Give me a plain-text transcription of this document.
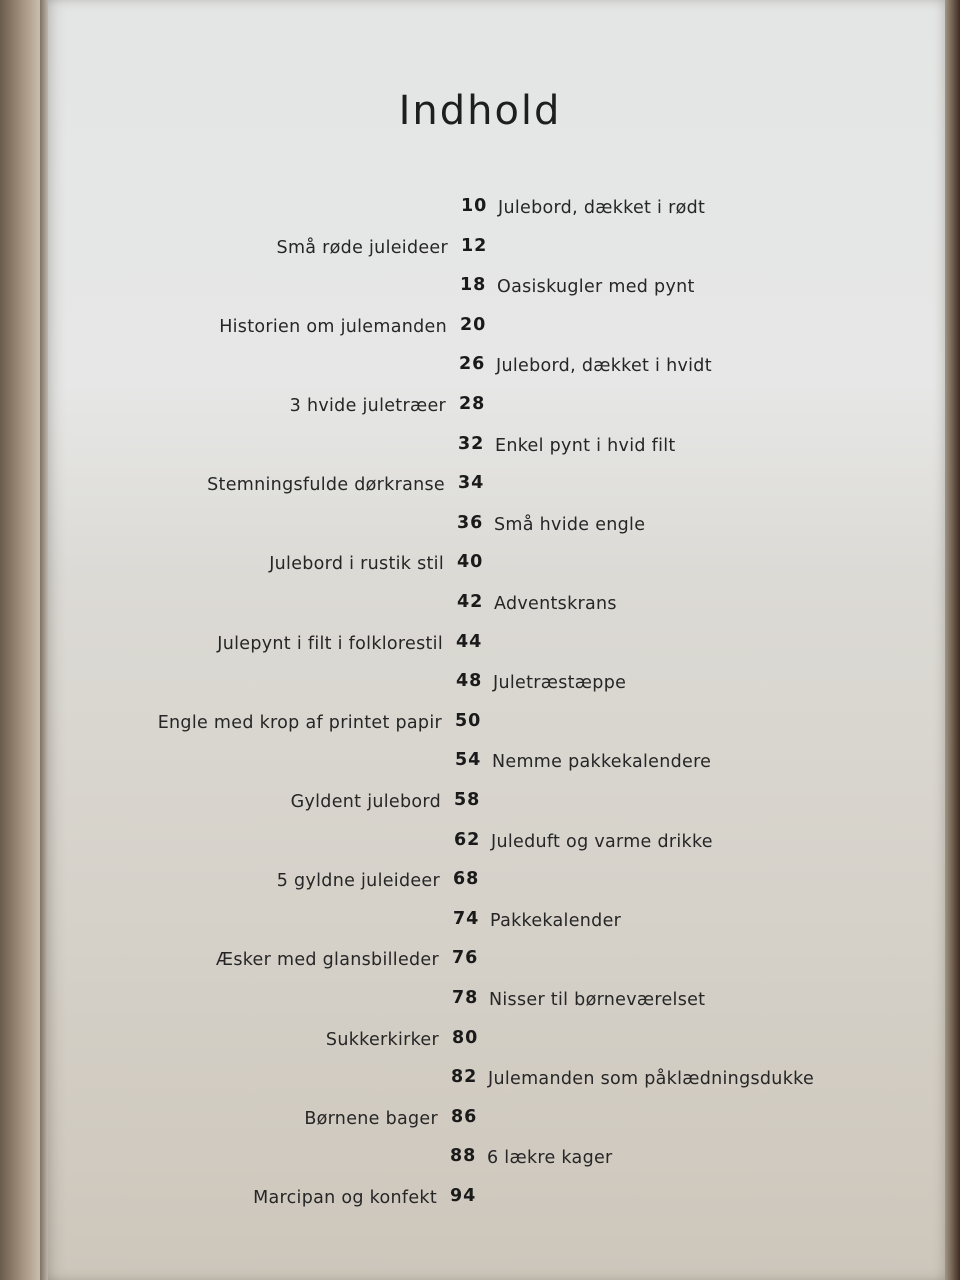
Indhold
10 Julebord, dækket i rødt
Små røde juleideer 12
18 Oasiskugler med pynt
Historien om julemanden 20
26 Julebord, dækket i hvidt
3 hvide juletræer 28
32 Enkel pynt i hvid filt
Stemningsfulde dørkranse 34
36 Små hvide engle
Julebord i rustik stil 40
42 Adventskrans
Julepynt i filt i folklorestil 44
48 Juletræstæppe
Engle med krop af printet papir 50
54 Nemme pakkekalendere
Gyldent julebord 58
62 Juleduft og varme drikke
5 gyldne juleideer 68
74 Pakkekalender
Æsker med glansbilleder 76
78 Nisser til børneværelset
Sukkerkirker 80
82 Julemanden som påklædningsdukke
Børnene bager 86
88 6 lækre kager
Marcipan og konfekt 94
